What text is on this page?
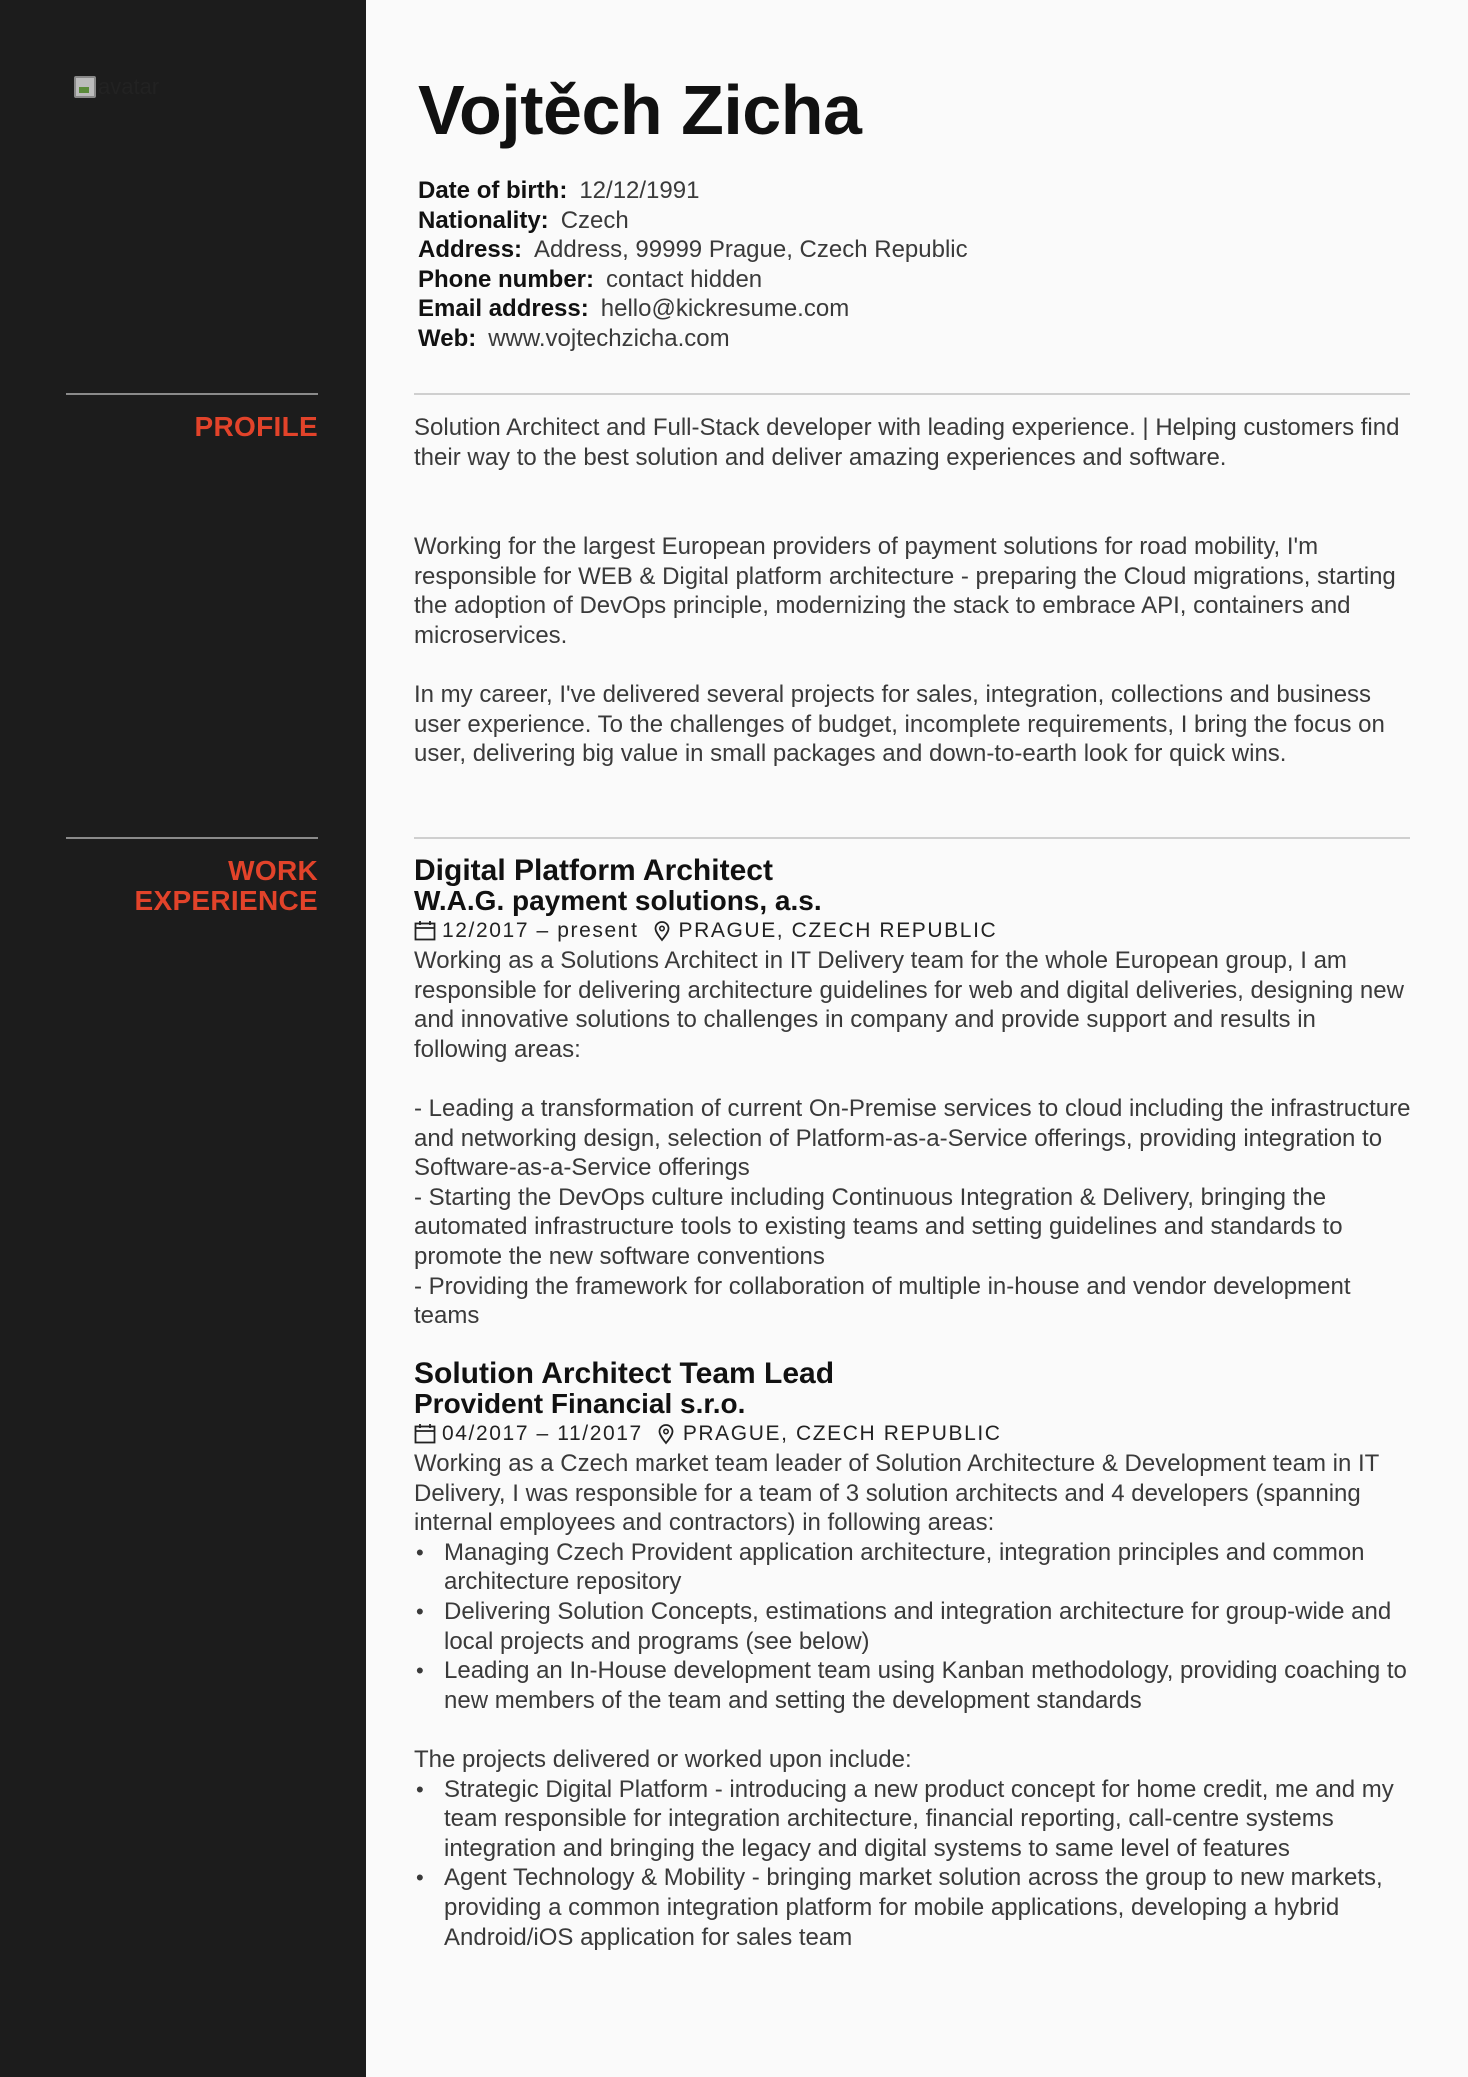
avatar
PROFILE
WORK
EXPERIENCE
Vojtěch Zicha
Date of birth: 12/12/1991
Nationality: Czech
Address: Address, 99999 Prague, Czech Republic
Phone number: contact hidden
Email address: hello@kickresume.com
Web: www.vojtechzicha.com
Solution Architect and Full-Stack developer with leading experience. | Helping customers find their way to the best solution and deliver amazing experiences and software.
Working for the largest European providers of payment solutions for road mobility, I'm responsible for WEB & Digital platform architecture - preparing the Cloud migrations, starting the adoption of DevOps principle, modernizing the stack to embrace API, containers and microservices.
In my career, I've delivered several projects for sales, integration, collections and business user experience. To the challenges of budget, incomplete requirements, I bring the focus on user, delivering big value in small packages and down-to-earth look for quick wins.
Digital Platform Architect
W.A.G. payment solutions, a.s.
12/2017 – present PRAGUE, CZECH REPUBLIC
Working as a Solutions Architect in IT Delivery team for the whole European group, I am responsible for delivering architecture guidelines for web and digital deliveries, designing new and innovative solutions to challenges in company and provide support and results in following areas:
- Leading a transformation of current On-Premise services to cloud including the infrastructure and networking design, selection of Platform-as-a-Service offerings, providing integration to Software-as-a-Service offerings
- Starting the DevOps culture including Continuous Integration & Delivery, bringing the automated infrastructure tools to existing teams and setting guidelines and standards to promote the new software conventions
- Providing the framework for collaboration of multiple in-house and vendor development teams
Solution Architect Team Lead
Provident Financial s.r.o.
04/2017 – 11/2017 PRAGUE, CZECH REPUBLIC
Working as a Czech market team leader of Solution Architecture & Development team in IT Delivery, I was responsible for a team of 3 solution architects and 4 developers (spanning internal employees and contractors) in following areas:
• Managing Czech Provident application architecture, integration principles and common architecture repository
• Delivering Solution Concepts, estimations and integration architecture for group-wide and local projects and programs (see below)
• Leading an In-House development team using Kanban methodology, providing coaching to new members of the team and setting the development standards
The projects delivered or worked upon include:
• Strategic Digital Platform - introducing a new product concept for home credit, me and my team responsible for integration architecture, financial reporting, call-centre systems integration and bringing the legacy and digital systems to same level of features
• Agent Technology & Mobility - bringing market solution across the group to new markets, providing a common integration platform for mobile applications, developing a hybrid Android/iOS application for sales team
